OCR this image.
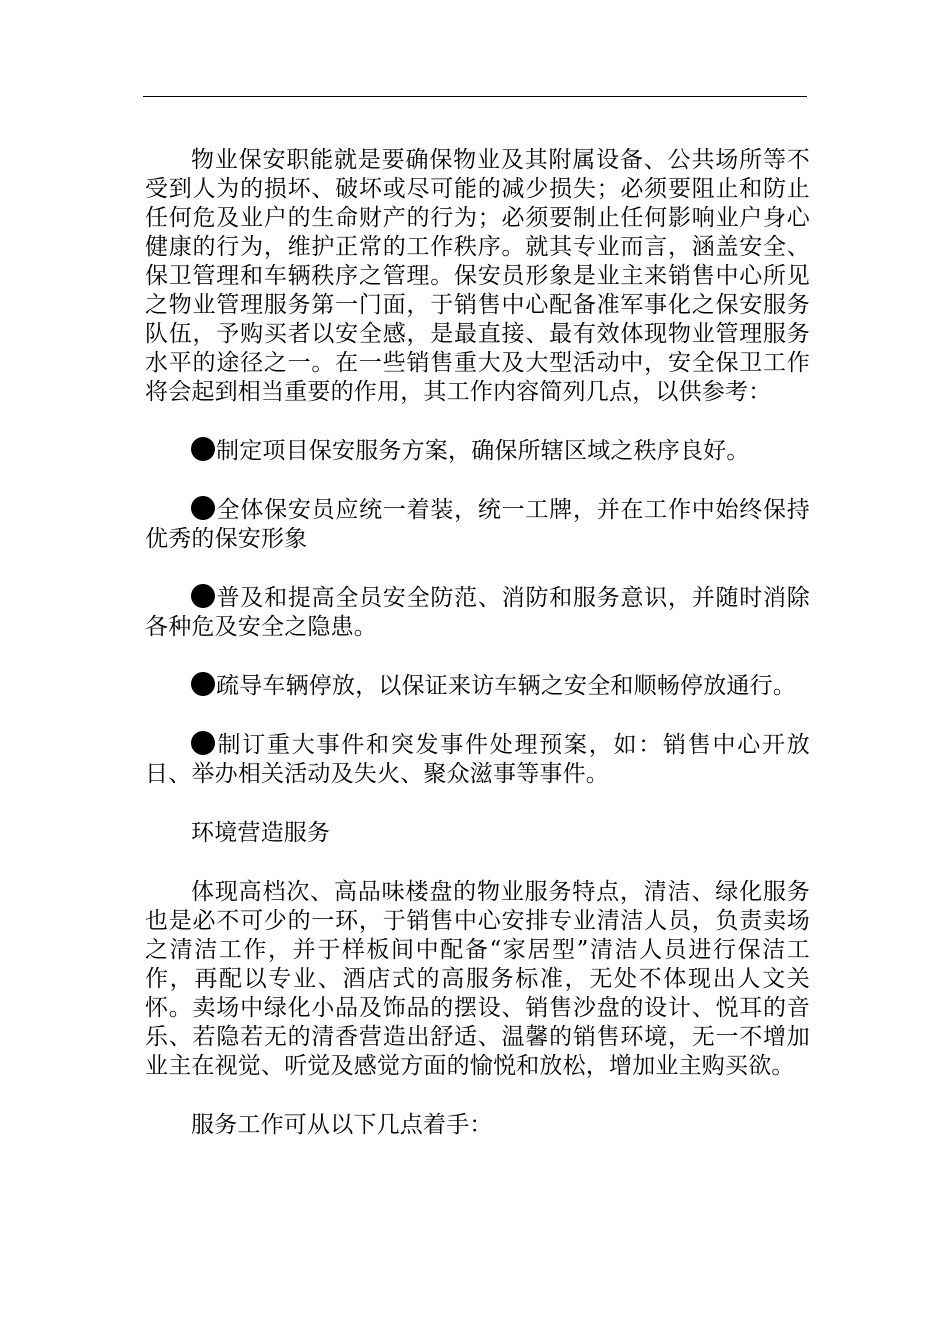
物业保安职能就是要确保物业及其附属设备、公共场所等不受到人为的损坏、破坏或尽可能的减少损失；必须要阻止和防止任何危及业户的生命财产的行为；必须要制止任何影响业户身心健康的行为，维护正常的工作秩序。就其专业而言，涵盖安全、保卫管理和车辆秩序之管理。保安员形象是业主来销售中心所见之物业管理服务第一门面，于销售中心配备准军事化之保安服务队伍，予购买者以安全感，是最直接、最有效体现物业管理服务水平的途径之一。在一些销售重大及大型活动中，安全保卫工作将会起到相当重要的作用，其工作内容简列几点，以供参考：

制定项目保安服务方案，确保所辖区域之秩序良好。

全体保安员应统一着装，统一工牌，并在工作中始终保持优秀的保安形象

普及和提高全员安全防范、消防和服务意识，并随时消除各种危及安全之隐患。

疏导车辆停放，以保证来访车辆之安全和顺畅停放通行。

制订重大事件和突发事件处理预案，如：销售中心开放日、举办相关活动及失火、聚众滋事等事件。

环境营造服务

体现高档次、高品味楼盘的物业服务特点，清洁、绿化服务也是必不可少的一环，于销售中心安排专业清洁人员，负责卖场之清洁工作，并于样板间中配备“家居型”清洁人员进行保洁工作，再配以专业、酒店式的高服务标准，无处不体现出人文关怀。卖场中绿化小品及饰品的摆设、销售沙盘的设计、悦耳的音乐、若隐若无的清香营造出舒适、温馨的销售环境，无一不增加业主在视觉、听觉及感觉方面的愉悦和放松，增加业主购买欲。

服务工作可从以下几点着手：
